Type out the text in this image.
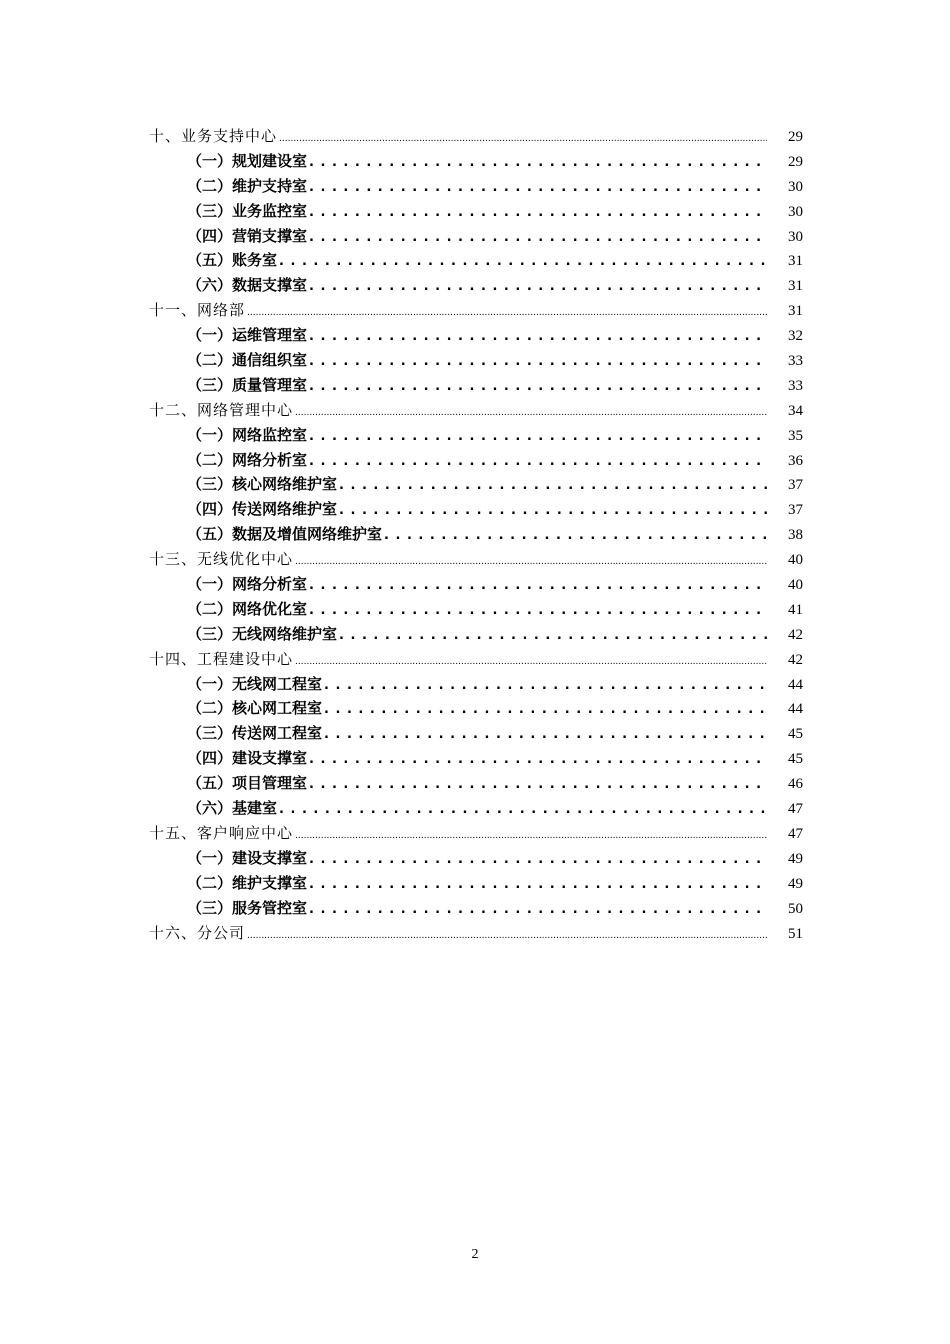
十、业务支持中心 .....	29
（一）规划建设室 . . .	29
（二）维护支持室 . . .	30
（三）业务监控室 . . .	30
（四）营销支撑室 . . .	30
（五）账务室 . . .	31
（六）数据支撑室 . . .	31
十一、网络部 .....	31
（一）运维管理室 . . .	32
（二）通信组织室 . . .	33
（三）质量管理室 . . .	33
十二、网络管理中心 .....	34
（一）网络监控室 . . .	35
（二）网络分析室 . . .	36
（三）核心网络维护室 . . .	37
（四）传送网络维护室 . . .	37
（五）数据及增值网络维护室 . . .	38
十三、无线优化中心 .....	40
（一）网络分析室 . . .	40
（二）网络优化室 . . .	41
（三）无线网络维护室 . . .	42
十四、工程建设中心 .....	42
（一）无线网工程室 . . .	44
（二）核心网工程室 . . .	44
（三）传送网工程室 . . .	45
（四）建设支撑室 . . .	45
（五）项目管理室 . . .	46
（六）基建室 . . .	47
十五、客户响应中心 .....	47
（一）建设支撑室 . . .	49
（二）维护支撑室 . . .	49
（三）服务管控室 . . .	50
十六、分公司 .....	51
2
